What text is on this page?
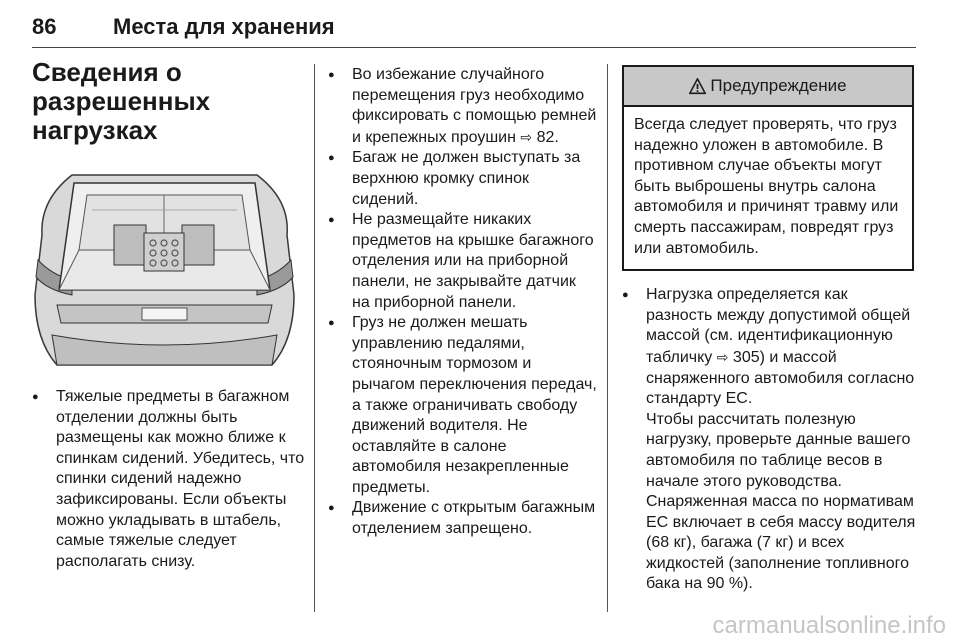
86	Места для хранения
Сведения о разрешенных нагрузках

● Тяжелые предметы в багажном отделении должны быть размещены как можно ближе к спинкам сидений. Убедитесь, что спинки сидений надежно зафиксированы. Если объекты можно укладывать в штабель, самые тяжелые следует располагать снизу.

● Во избежание случайного перемещения груз необходимо фиксировать с помощью ремней и крепежных проушин ⇨ 82.

● Багаж не должен выступать за верхнюю кромку спинок сидений.

● Не размещайте никаких предметов на крышке багажного отделения или на приборной панели, не закрывайте датчик на приборной панели.

● Груз не должен мешать управлению педалями, стояночным тормозом и рычагом переключения передач, а также ограничивать свободу движений водителя. Не оставляйте в салоне автомобиля незакрепленные предметы.

● Движение с открытым багажным отделением запрещено.

Предупреждение
Всегда следует проверять, что груз надежно уложен в автомобиле. В противном случае объекты могут быть выброшены внутрь салона автомобиля и причинят травму или смерть пассажирам, повредят груз или автомобиль.

● Нагрузка определяется как разность между допустимой общей массой (см. идентификационную табличку ⇨ 305) и массой снаряженного автомобиля согласно стандарту ЕС.

Чтобы рассчитать полезную нагрузку, проверьте данные вашего автомобиля по таблице весов в начале этого руководства.

Снаряженная масса по нормативам ЕС включает в себя массу водителя (68 кг), багажа (7 кг) и всех жидкостей (заполнение топливного бака на 90 %).

carmanualsonline.info
